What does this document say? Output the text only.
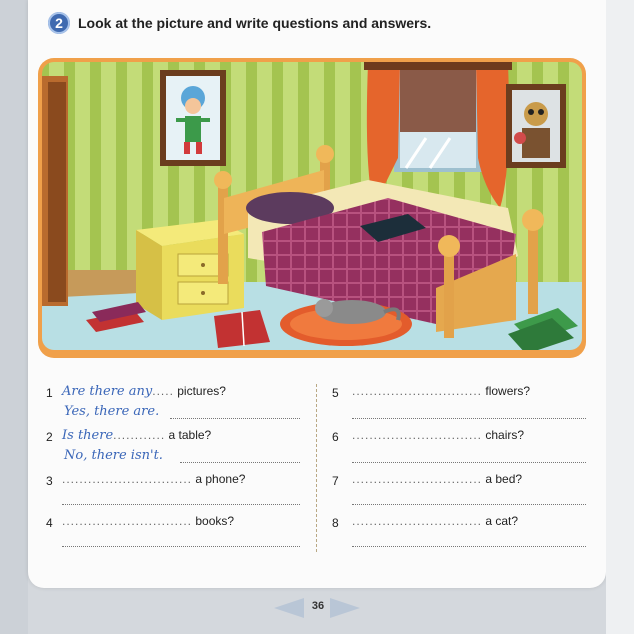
2	Look at the picture and write questions and answers.
1 Are there any..... pictures?
Yes, there are.
2 Is there............ a table?
No, there isn't.
3 .............................. a phone?
4 .............................. books?
5 .............................. flowers?
6 .............................. chairs?
7 .............................. a bed?
8 .............................. a cat?
36
